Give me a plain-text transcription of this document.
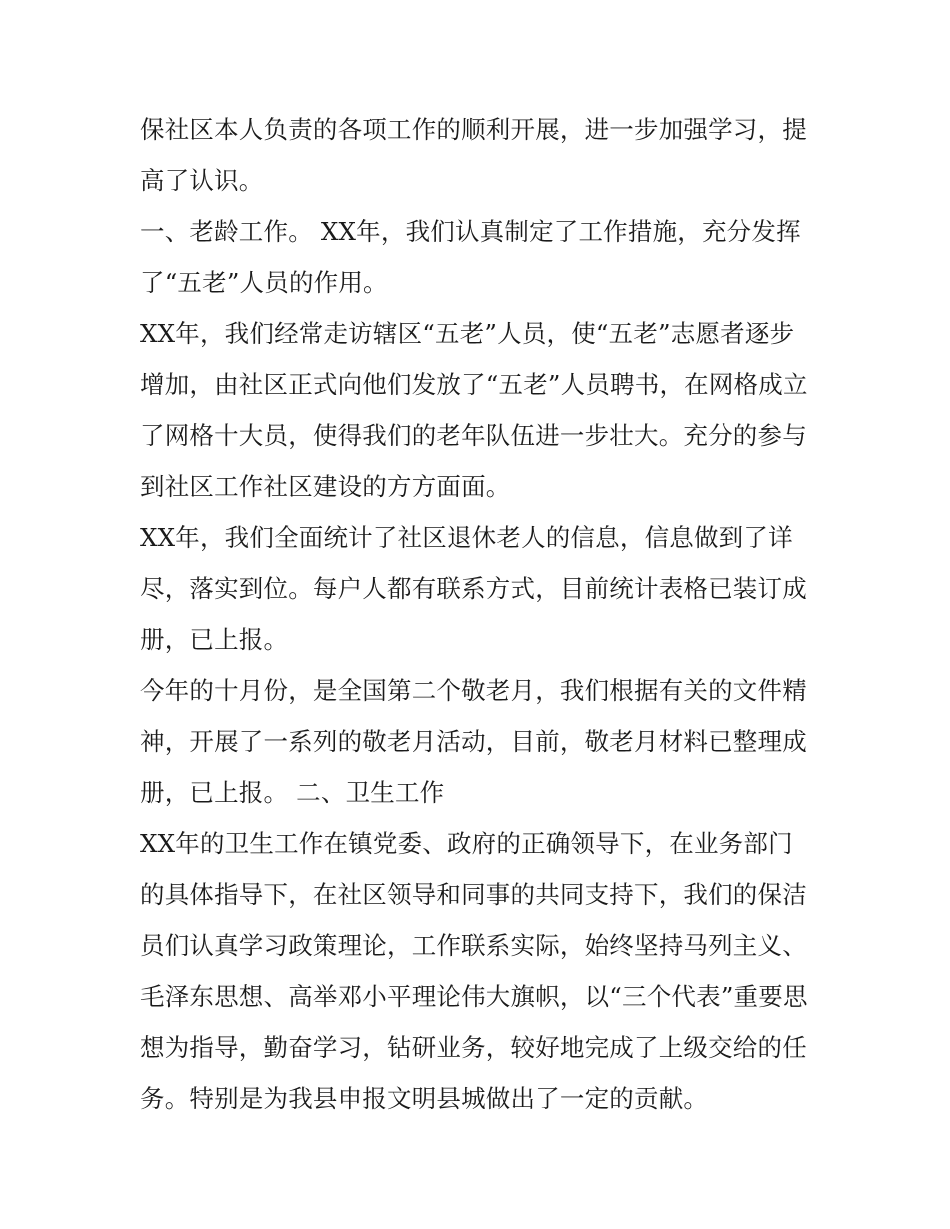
保社区本人负责的各项工作的顺利开展，进一步加强学习，提
高了认识。
一、老龄工作。 XX年，我们认真制定了工作措施，充分发挥
了“五老”人员的作用。
XX年，我们经常走访辖区“五老”人员，使“五老”志愿者逐步
增加，由社区正式向他们发放了“五老”人员聘书，在网格成立
了网格十大员，使得我们的老年队伍进一步壮大。充分的参与
到社区工作社区建设的方方面面。
XX年，我们全面统计了社区退休老人的信息，信息做到了详
尽，落实到位。每户人都有联系方式，目前统计表格已装订成
册，已上报。
今年的十月份，是全国第二个敬老月，我们根据有关的文件精
神，开展了一系列的敬老月活动，目前，敬老月材料已整理成
册，已上报。 二、卫生工作
XX年的卫生工作在镇党委、政府的正确领导下，在业务部门
的具体指导下，在社区领导和同事的共同支持下，我们的保洁
员们认真学习政策理论，工作联系实际，始终坚持马列主义、
毛泽东思想、高举邓小平理论伟大旗帜，以“三个代表”重要思
想为指导，勤奋学习，钻研业务，较好地完成了上级交给的任
务。特别是为我县申报文明县城做出了一定的贡献。
